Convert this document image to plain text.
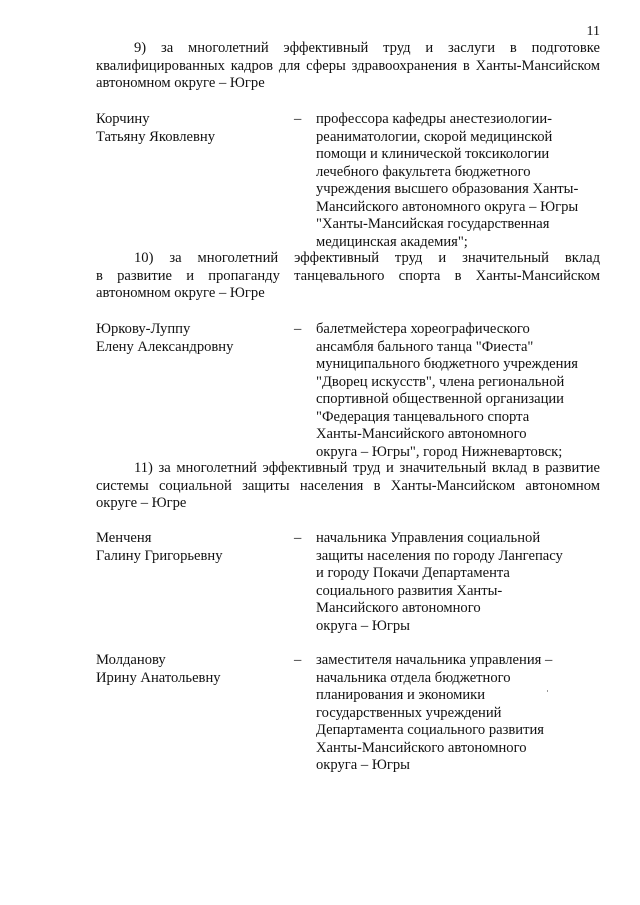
11
9) за многолетний эффективный труд и заслуги в подготовке
квалифицированных кадров для сферы здравоохранения в Ханты-Мансийском
автономном округе – Югре
Корчину
Татьяну Яковлевну
– профессора кафедры анестезиологии-
реаниматологии, скорой медицинской
помощи и клинической токсикологии
лечебного факультета бюджетного
учреждения высшего образования Ханты-
Мансийского автономного округа – Югры
"Ханты-Мансийская государственная
медицинская академия";
10) за многолетний эффективный труд и значительный вклад
в развитие и пропаганду танцевального спорта в Ханты-Мансийском
автономном округе – Югре
Юркову-Луппу
Елену Александровну
– балетмейстера хореографического
ансамбля бального танца "Фиеста"
муниципального бюджетного учреждения
"Дворец искусств", члена региональной
спортивной общественной организации
"Федерация танцевального спорта
Ханты-Мансийского автономного
округа – Югры", город Нижневартовск;
11) за многолетний эффективный труд и значительный вклад в развитие
системы социальной защиты населения в Ханты-Мансийском автономном
округе – Югре
Менченя
Галину Григорьевну
– начальника Управления социальной
защиты населения по городу Лангепасу
и городу Покачи Департамента
социального развития Ханты-
Мансийского автономного
округа – Югры
Молданову
Ирину Анатольевну
– заместителя начальника управления –
начальника отдела бюджетного
планирования и экономики
государственных учреждений
Департамента социального развития
Ханты-Мансийского автономного
округа – Югры
